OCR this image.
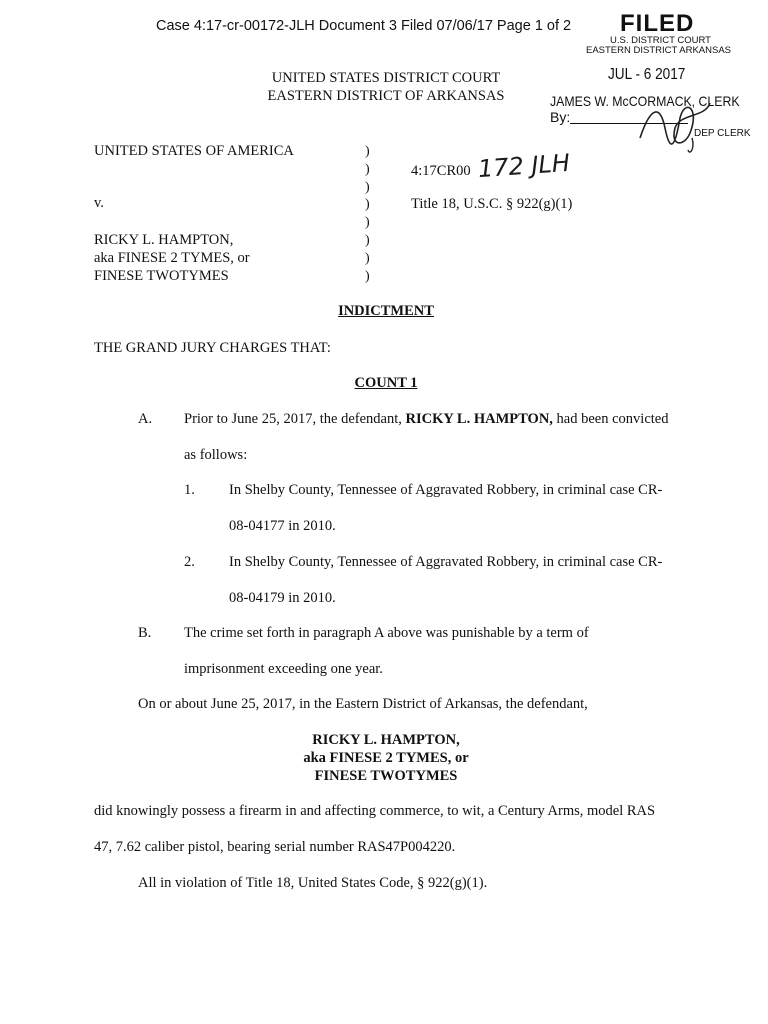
Case 4:17-cr-00172-JLH Document 3 Filed 07/06/17 Page 1 of 2 FILED
U.S. DISTRICT COURT
EASTERN DISTRICT ARKANSAS
JUL - 6 2017
JAMES W. McCORMACK, CLERK
By:
DEP CLERK
UNITED STATES DISTRICT COURT
EASTERN DISTRICT OF ARKANSAS
UNITED STATES OF AMERICA
v.
RICKY L. HAMPTON,
aka FINESE 2 TYMES, or
FINESE TWOTYMES
)
)
)
)
)
)
)
)
4:17CR00 172 JLH
Title 18, U.S.C. § 922(g)(1)
INDICTMENT
THE GRAND JURY CHARGES THAT:
COUNT 1
A. Prior to June 25, 2017, the defendant, RICKY L. HAMPTON, had been convicted
as follows:
1. In Shelby County, Tennessee of Aggravated Robbery, in criminal case CR-
08-04177 in 2010.
2. In Shelby County, Tennessee of Aggravated Robbery, in criminal case CR-
08-04179 in 2010.
B. The crime set forth in paragraph A above was punishable by a term of
imprisonment exceeding one year.
On or about June 25, 2017, in the Eastern District of Arkansas, the defendant,
RICKY L. HAMPTON,
aka FINESE 2 TYMES, or
FINESE TWOTYMES
did knowingly possess a firearm in and affecting commerce, to wit, a Century Arms, model RAS
47, 7.62 caliber pistol, bearing serial number RAS47P004220.
All in violation of Title 18, United States Code, § 922(g)(1).
